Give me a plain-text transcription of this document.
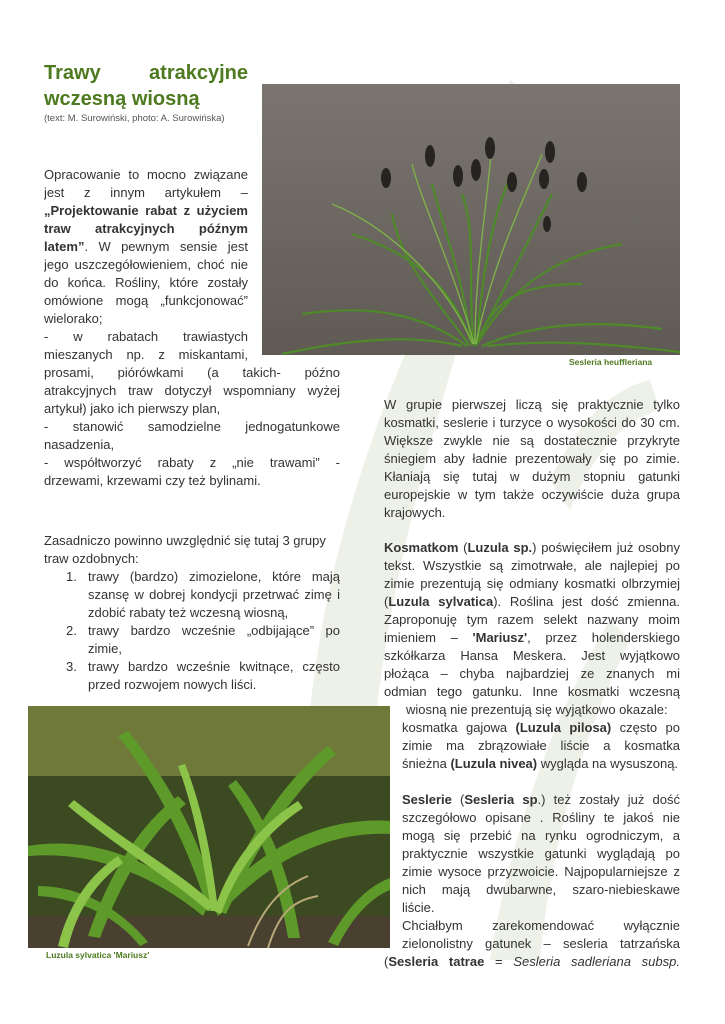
Trawy atrakcyjne
wczesną wiosną
(text: M. Surowiński, photo: A. Surowińska)
Sesleria heuffleriana
Opracowanie to mocno związane
jest z innym artykułem –
„Projektowanie rabat z użyciem
traw atrakcyjnych późnym
latem”. W pewnym sensie jest
jego uszczegółowieniem, choć nie
do końca. Rośliny, które zostały
omówione mogą „funkcjonować”
wielorako;
- w rabatach trawiastych
mieszanych np. z miskantami,
prosami, piórówkami (a takich- późno
atrakcyjnych traw dotyczył wspomniany wyżej
artykuł) jako ich pierwszy plan,
- stanowić samodzielne jednogatunkowe
nasadzenia,
- współtworzyć rabaty z „nie trawami” -
drzewami, krzewami czy też bylinami.
Zasadniczo powinno uwzględnić się tutaj 3 grupy
traw ozdobnych:
1. trawy (bardzo) zimozielone, które mają
szansę w dobrej kondycji przetrwać zimę i
zdobić rabaty też wczesną wiosną,
2. trawy bardzo wcześnie „odbijające” po
zimie,
3. trawy bardzo wcześnie kwitnące, często
przed rozwojem nowych liści.
W grupie pierwszej liczą się praktycznie tylko
kosmatki, seslerie i turzyce o wysokości do 30 cm.
Większe zwykle nie są dostatecznie przykryte
śniegiem aby ładnie prezentowały się po zimie.
Kłaniają się tutaj w dużym stopniu gatunki
europejskie w tym także oczywiście duża grupa
krajowych.
Kosmatkom (Luzula sp.) poświęciłem już osobny
tekst. Wszystkie są zimotrwałe, ale najlepiej po
zimie prezentują się odmiany kosmatki olbrzymiej
(Luzula sylvatica). Roślina jest dość zmienna.
Zaproponuję tym razem selekt nazwany moim
imieniem – 'Mariusz', przez holenderskiego
szkółkarza Hansa Meskera. Jest wyjątkowo
płożąca – chyba najbardziej ze znanych mi
odmian tego gatunku. Inne kosmatki wczesną
wiosną nie prezentują się wyjątkowo okazale:
kosmatka gajowa (Luzula pilosa) często po
zimie ma zbrązowiałe liście a kosmatka
śnieżna (Luzula nivea) wygląda na wysuszoną.
Seslerie (Sesleria sp.) też zostały już dość
szczegółowo opisane . Rośliny te jakoś nie
mogą się przebić na rynku ogrodniczym, a
praktycznie wszystkie gatunki wyglądają po
zimie wysoce przyzwoicie. Najpopularniejsze z
nich mają dwubarwne, szaro-niebieskawe
liście.
Chciałbym zarekomendować wyłącznie
zielonolistny gatunek – sesleria tatrzańska
(Sesleria tatrae = Sesleria sadleriana subsp.
Luzula sylvatica 'Mariusz'
